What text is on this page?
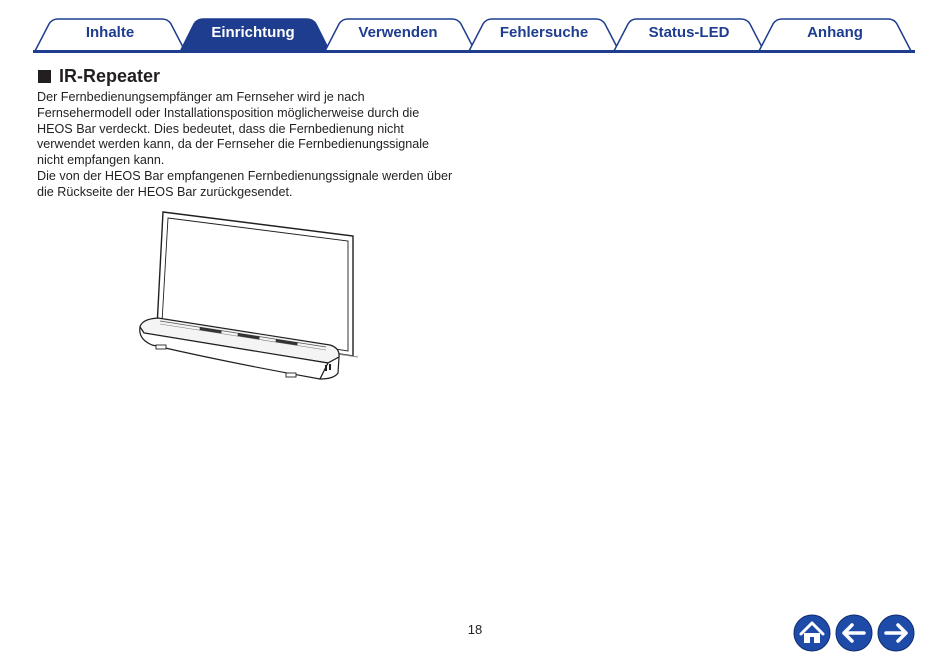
Inhalte	Einrichtung	Verwenden	Fehlersuche	Status-LED	Anhang
IR-Repeater

Der Fernbedienungsempfänger am Fernseher wird je nach Fernsehermodell oder Installationsposition möglicherweise durch die HEOS Bar verdeckt. Dies bedeutet, dass die Fernbedienung nicht verwendet werden kann, da der Fernseher die Fernbedienungssignale nicht empfangen kann.

Die von der HEOS Bar empfangenen Fernbedienungssignale werden über die Rückseite der HEOS Bar zurückgesendet.

18
